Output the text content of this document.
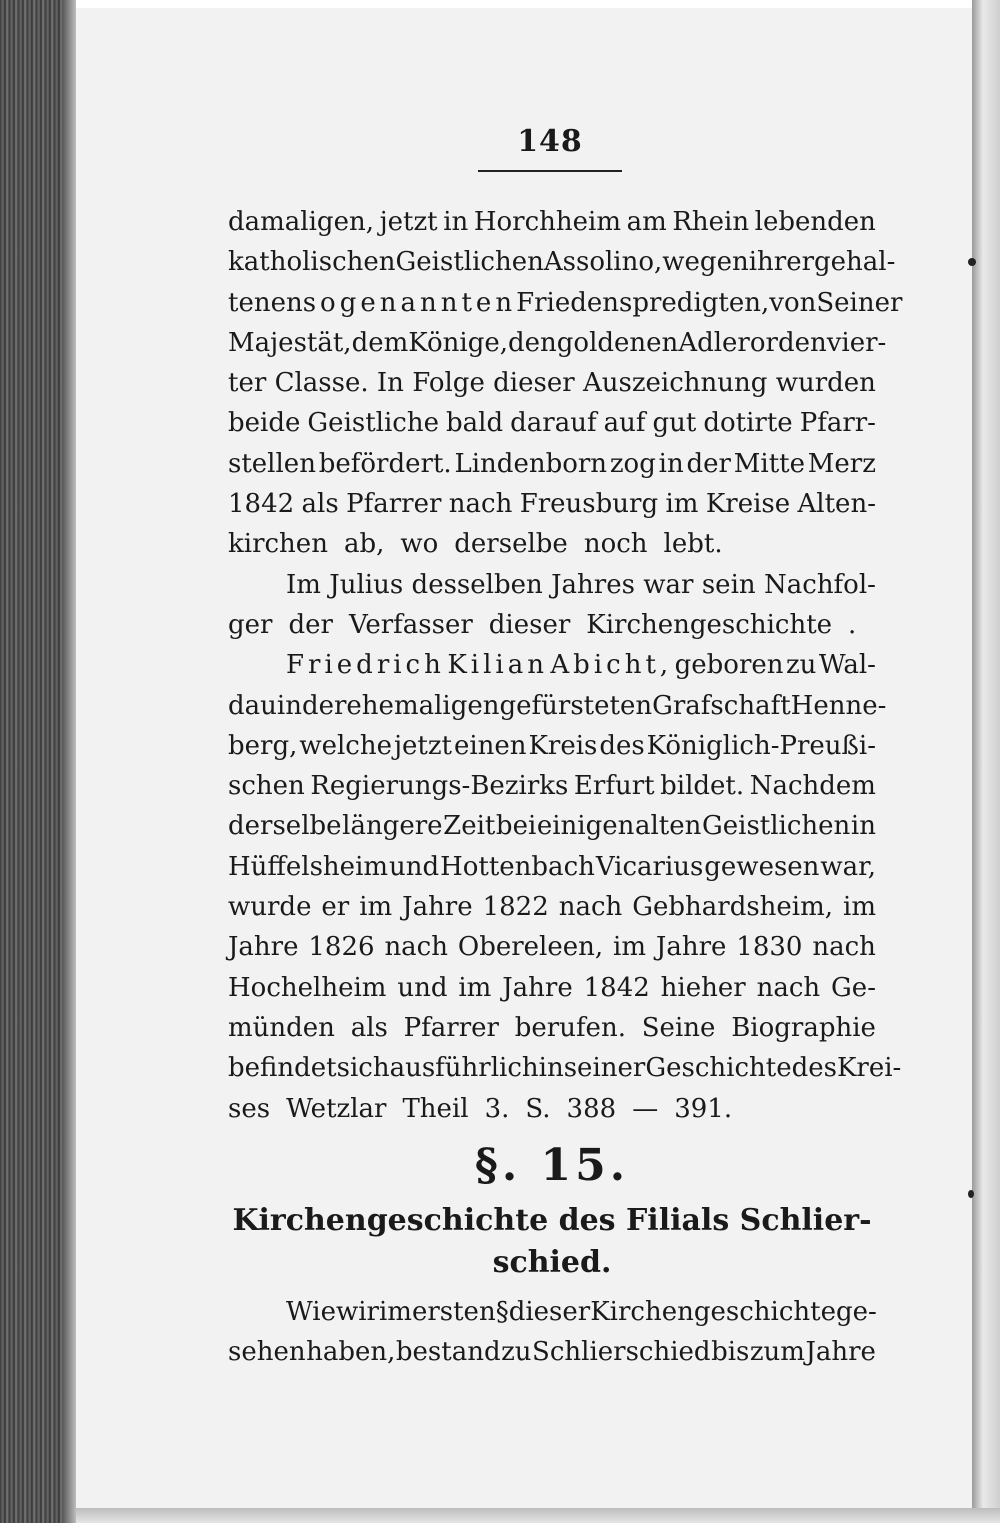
148
damaligen, jetzt in Horchheim am Rhein lebenden
katholischen Geistlichen Assolino, wegen ihrer gehal-
tenen sogenannten Friedenspredigten, von Seiner
Majestät, dem Könige, den goldenen Adlerorden vier-
ter Classe. In Folge dieser Auszeichnung wurden
beide Geistliche bald darauf auf gut dotirte Pfarr-
stellen befördert. Lindenborn zog in der Mitte Merz
1842 als Pfarrer nach Freusburg im Kreise Alten-
kirchen ab, wo derselbe noch lebt.
Im Julius desselben Jahres war sein Nachfol-
ger der Verfasser dieser Kirchengeschichte .
Friedrich Kilian Abicht, geboren zu Wal-
dau in der ehemaligen gefürsteten Grafschaft Henne-
berg, welche jetzt einen Kreis des Königlich-Preußi-
schen Regierungs-Bezirks Erfurt bildet. Nachdem
derselbe längere Zeit bei einigen alten Geistlichen in
Hüffelsheim und Hottenbach Vicarius gewesen war,
wurde er im Jahre 1822 nach Gebhardsheim, im
Jahre 1826 nach Obereleen, im Jahre 1830 nach
Hochelheim und im Jahre 1842 hieher nach Ge-
münden als Pfarrer berufen. Seine Biographie
befindet sich ausführlich in seiner Geschichte des Krei-
ses Wetzlar Theil 3. S. 388 — 391.
§. 15.
Kirchengeschichte des Filials Schlier-
schied.
Wie wir im ersten § dieser Kirchengeschichte ge-
sehen haben, bestand zu Schlierschied bis zum Jahre
